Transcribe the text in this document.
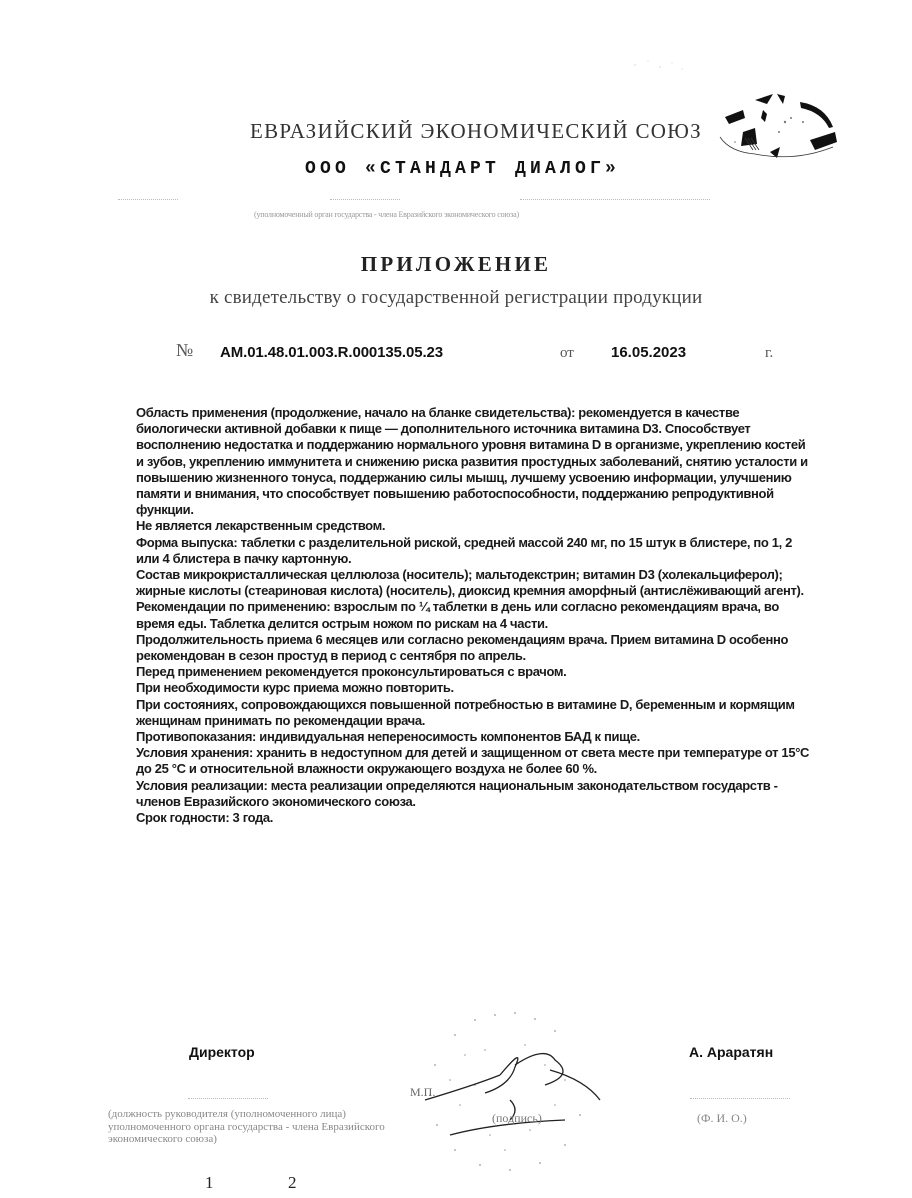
ЕВРАЗИЙСКИЙ ЭКОНОМИЧЕСКИЙ СОЮЗ
ООО «СТАНДАРТ ДИАЛОГ»
(уполномоченный орган государства - члена Евразийского экономического союза)
ПРИЛОЖЕНИЕ
к свидетельству о государственной регистрации продукции
№ AM.01.48.01.003.R.000135.05.23	от 16.05.2023	г.

Область применения (продолжение, начало на бланке свидетельства): рекомендуется в качестве биологически активной добавки к пище — дополнительного источника витамина D3. Способствует восполнению недостатка и поддержанию нормального уровня витамина D в организме, укреплению костей и зубов, укреплению иммунитета и снижению риска развития простудных заболеваний, снятию усталости и повышению жизненного тонуса, поддержанию силы мышц, лучшему усвоению информации, улучшению памяти и внимания, что способствует повышению работоспособности, поддержанию репродуктивной функции.

Не является лекарственным средством.

Форма выпуска: таблетки с разделительной риской, средней массой 240 мг, по 15 штук в блистере, по 1, 2 или 4 блистера в пачку картонную.

Состав микрокристаллическая целлюлоза (носитель); мальтодекстрин; витамин D3 (холекальциферол); жирные кислоты (стеариновая кислота) (носитель), диоксид кремния аморфный (антислёживающий агент).

Рекомендации по применению: взрослым по ¼ таблетки в день или согласно рекомендациям врача, во время еды. Таблетка делится острым ножом по рискам на 4 части.

Продолжительность приема 6 месяцев или согласно рекомендациям врача. Прием витамина D особенно рекомендован в сезон простуд в период с сентября по апрель.

Перед применением рекомендуется проконсультироваться с врачом.

При необходимости курс приема можно повторить.

При состояниях, сопровождающихся повышенной потребностью в витамине D, беременным и кормящим женщинам принимать по рекомендации врача.

Противопоказания: индивидуальная непереносимость компонентов БАД к пище.

Условия хранения: хранить в недоступном для детей и защищенном от света месте при температуре от 15°C до 25 °C и относительной влажности окружающего воздуха не более 60 %.

Условия реализации: места реализации определяются национальным законодательством государств - членов Евразийского экономического союза.

Срок годности: 3 года.

Директор	А. Араратян
(должность руководителя (уполномоченного лица) уполномоченного органа государства - члена Евразийского экономического союза)
(Ф. И. О.)
М.П.
(подпись)
1	2
